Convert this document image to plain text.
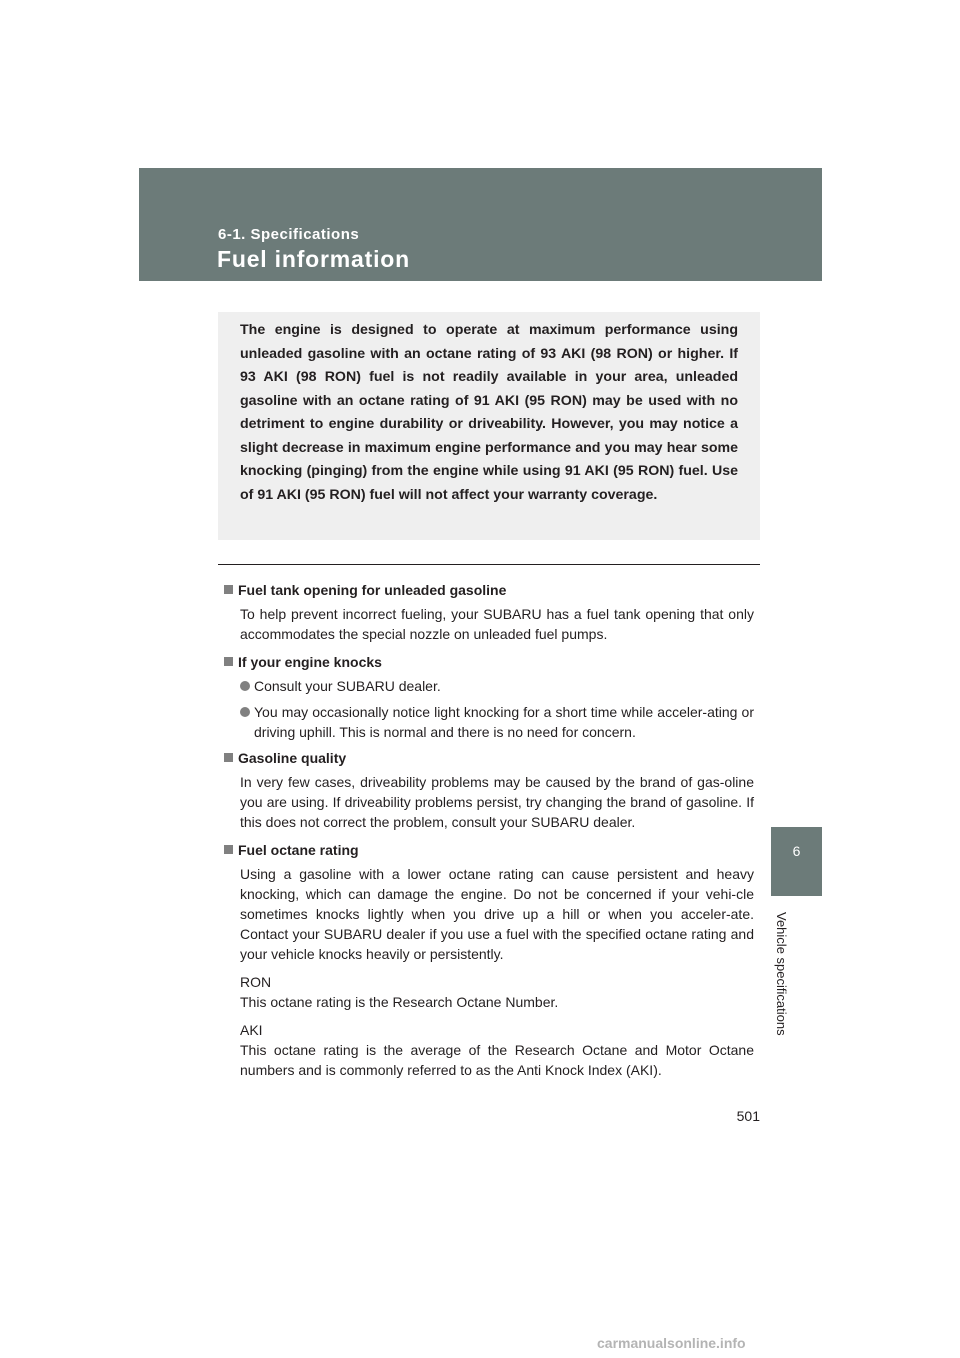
6-1. Specifications
Fuel information
6
Vehicle specifications

The engine is designed to operate at maximum performance using unleaded gasoline with an octane rating of 93 AKI (98 RON) or higher. If 93 AKI (98 RON) fuel is not readily available in your area, unleaded gasoline with an octane rating of 91 AKI (95 RON) may be used with no detriment to engine durability or driveability. However, you may notice a slight decrease in maximum engine performance and you may hear some knocking (pinging) from the engine while using 91 AKI (95 RON) fuel. Use of 91 AKI (95 RON) fuel will not affect your warranty coverage.

Fuel tank opening for unleaded gasoline

To help prevent incorrect fueling, your SUBARU has a fuel tank opening that only accommodates the special nozzle on unleaded fuel pumps.

If your engine knocks
Consult your SUBARU dealer.
You may occasionally notice light knocking for a short time while acceler-ating or driving uphill. This is normal and there is no need for concern.
Gasoline quality

In very few cases, driveability problems may be caused by the brand of gas-oline you are using. If driveability problems persist, try changing the brand of gasoline. If this does not correct the problem, consult your SUBARU dealer.

Fuel octane rating

Using a gasoline with a lower octane rating can cause persistent and heavy knocking, which can damage the engine. Do not be concerned if your vehi-cle sometimes knocks lightly when you drive up a hill or when you acceler-ate. Contact your SUBARU dealer if you use a fuel with the specified octane rating and your vehicle knocks heavily or persistently.

RON

This octane rating is the Research Octane Number.

AKI

This octane rating is the average of the Research Octane and Motor Octane numbers and is commonly referred to as the Anti Knock Index (AKI).

501
carmanualsonline.info
